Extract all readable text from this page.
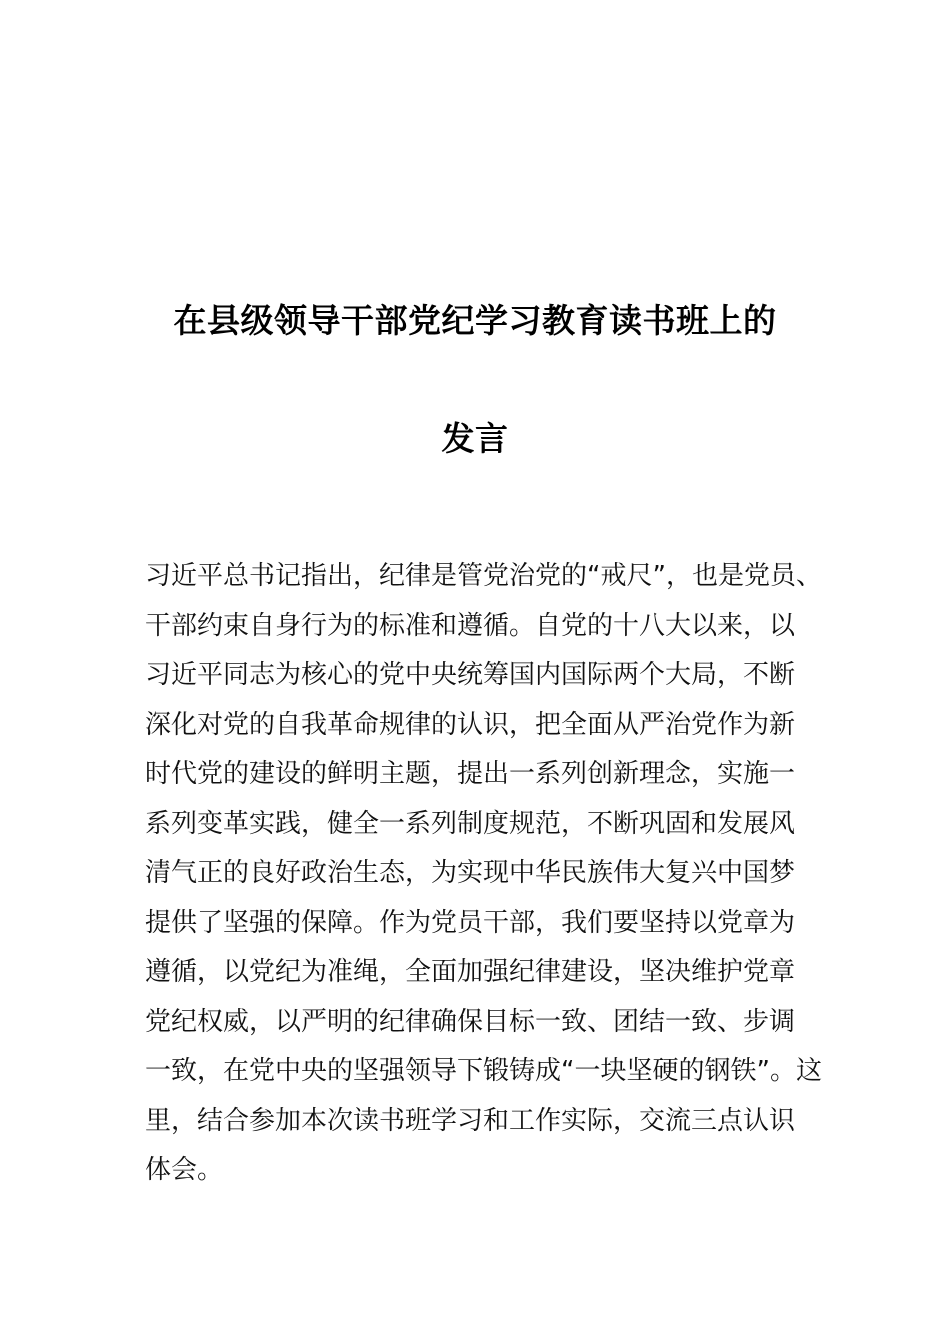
在县级领导干部党纪学习教育读书班上的
发言
习近平总书记指出，纪律是管党治党的“戒尺”，也是党员、
干部约束自身行为的标准和遵循。自党的十八大以来，以
习近平同志为核心的党中央统筹国内国际两个大局，不断
深化对党的自我革命规律的认识，把全面从严治党作为新
时代党的建设的鲜明主题，提出一系列创新理念，实施一
系列变革实践，健全一系列制度规范，不断巩固和发展风
清气正的良好政治生态，为实现中华民族伟大复兴中国梦
提供了坚强的保障。作为党员干部，我们要坚持以党章为
遵循，以党纪为准绳，全面加强纪律建设，坚决维护党章
党纪权威，以严明的纪律确保目标一致、团结一致、步调
一致，在党中央的坚强领导下锻铸成“一块坚硬的钢铁”。这
里，结合参加本次读书班学习和工作实际，交流三点认识
体会。
